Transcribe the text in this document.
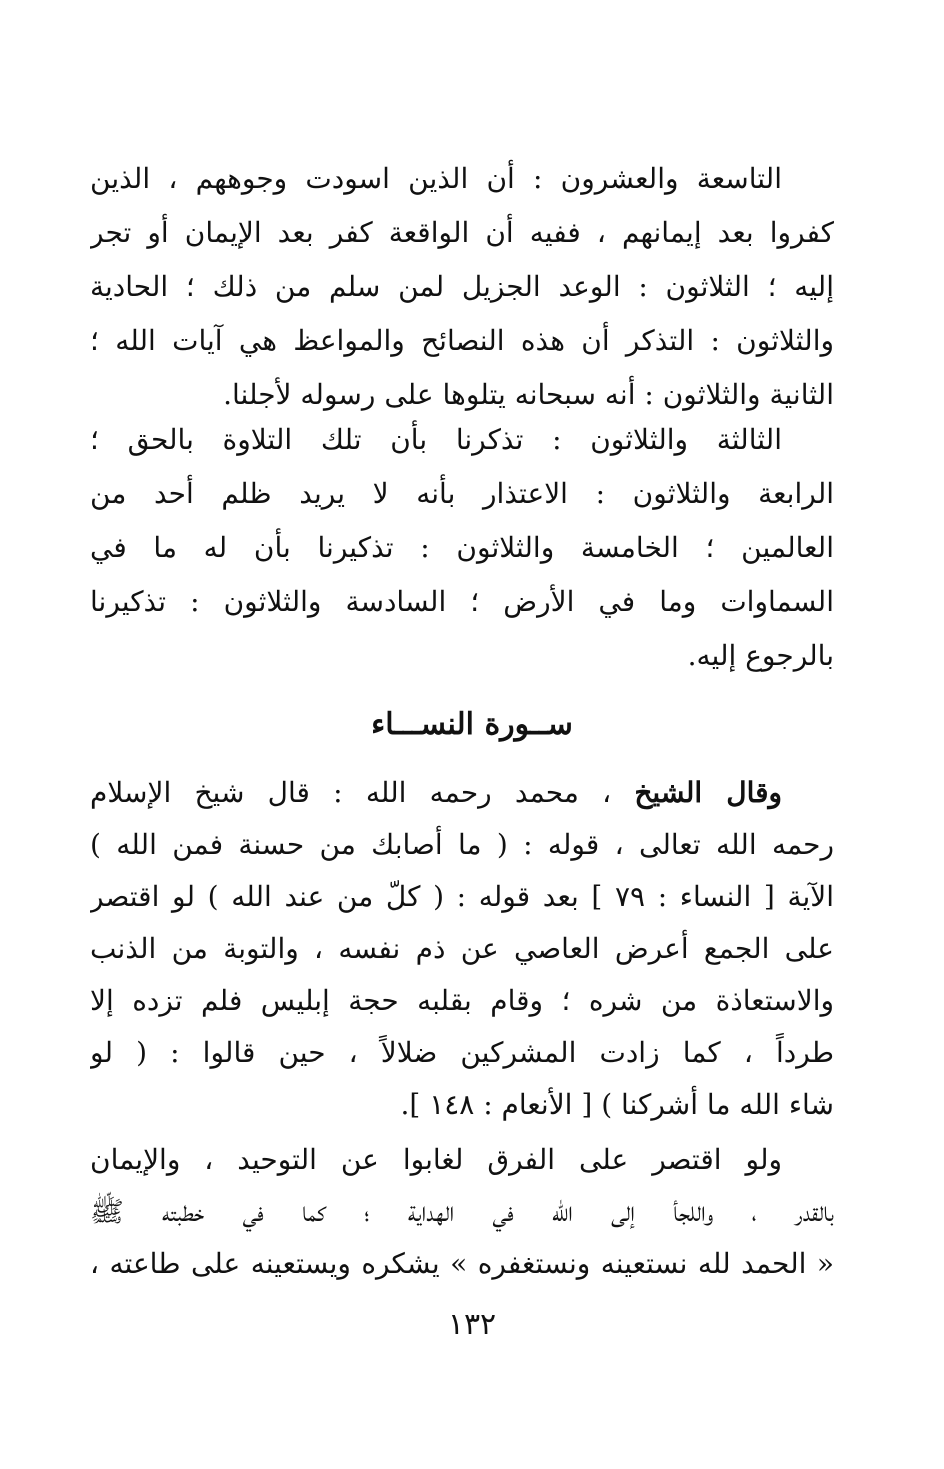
التاسعة والعشرون : أن الذين اسودت وجوههم ، الذين
كفروا بعد إيمانهم ، ففيه أن الواقعة كفر بعد الإيمان أو تجر
إليه ؛ الثلاثون : الوعد الجزيل لمن سلم من ذلك ؛ الحادية
والثلاثون : التذكر أن هذه النصائح والمواعظ هي آيات الله ؛
الثانية والثلاثون : أنه سبحانه يتلوها على رسوله لأجلنا.
الثالثة والثلاثون : تذكرنا بأن تلك التلاوة بالحق ؛
الرابعة والثلاثون : الاعتذار بأنه لا يريد ظلم أحد من
العالمين ؛ الخامسة والثلاثون : تذكيرنا بأن له ما في
السماوات وما في الأرض ؛ السادسة والثلاثون : تذكيرنا
بالرجوع إليه.
ســورة النســـاء
وقال الشيخ ، محمد رحمه الله : قال شيخ الإسلام
رحمه الله تعالى ، قوله : ( ما أصابك من حسنة فمن الله )
الآية [ النساء : ٧٩ ] بعد قوله : ( كلّ من عند الله ) لو اقتصر
على الجمع أعرض العاصي عن ذم نفسه ، والتوبة من الذنب
والاستعاذة من شره ؛ وقام بقلبه حجة إبليس فلم تزده إلا
طرداً ، كما زادت المشركين ضلالاً ، حين قالوا : ( لو
شاء الله ما أشركنا ) [ الأنعام : ١٤٨ ].
ولو اقتصر على الفرق لغابوا عن التوحيد ، والإيمان
بالقدر ، واللجأ إلى الله في الهداية ؛ كما في خطبته ﷺ
« الحمد لله نستعينه ونستغفره » يشكره ويستعينه على طاعته ،
١٣٢
